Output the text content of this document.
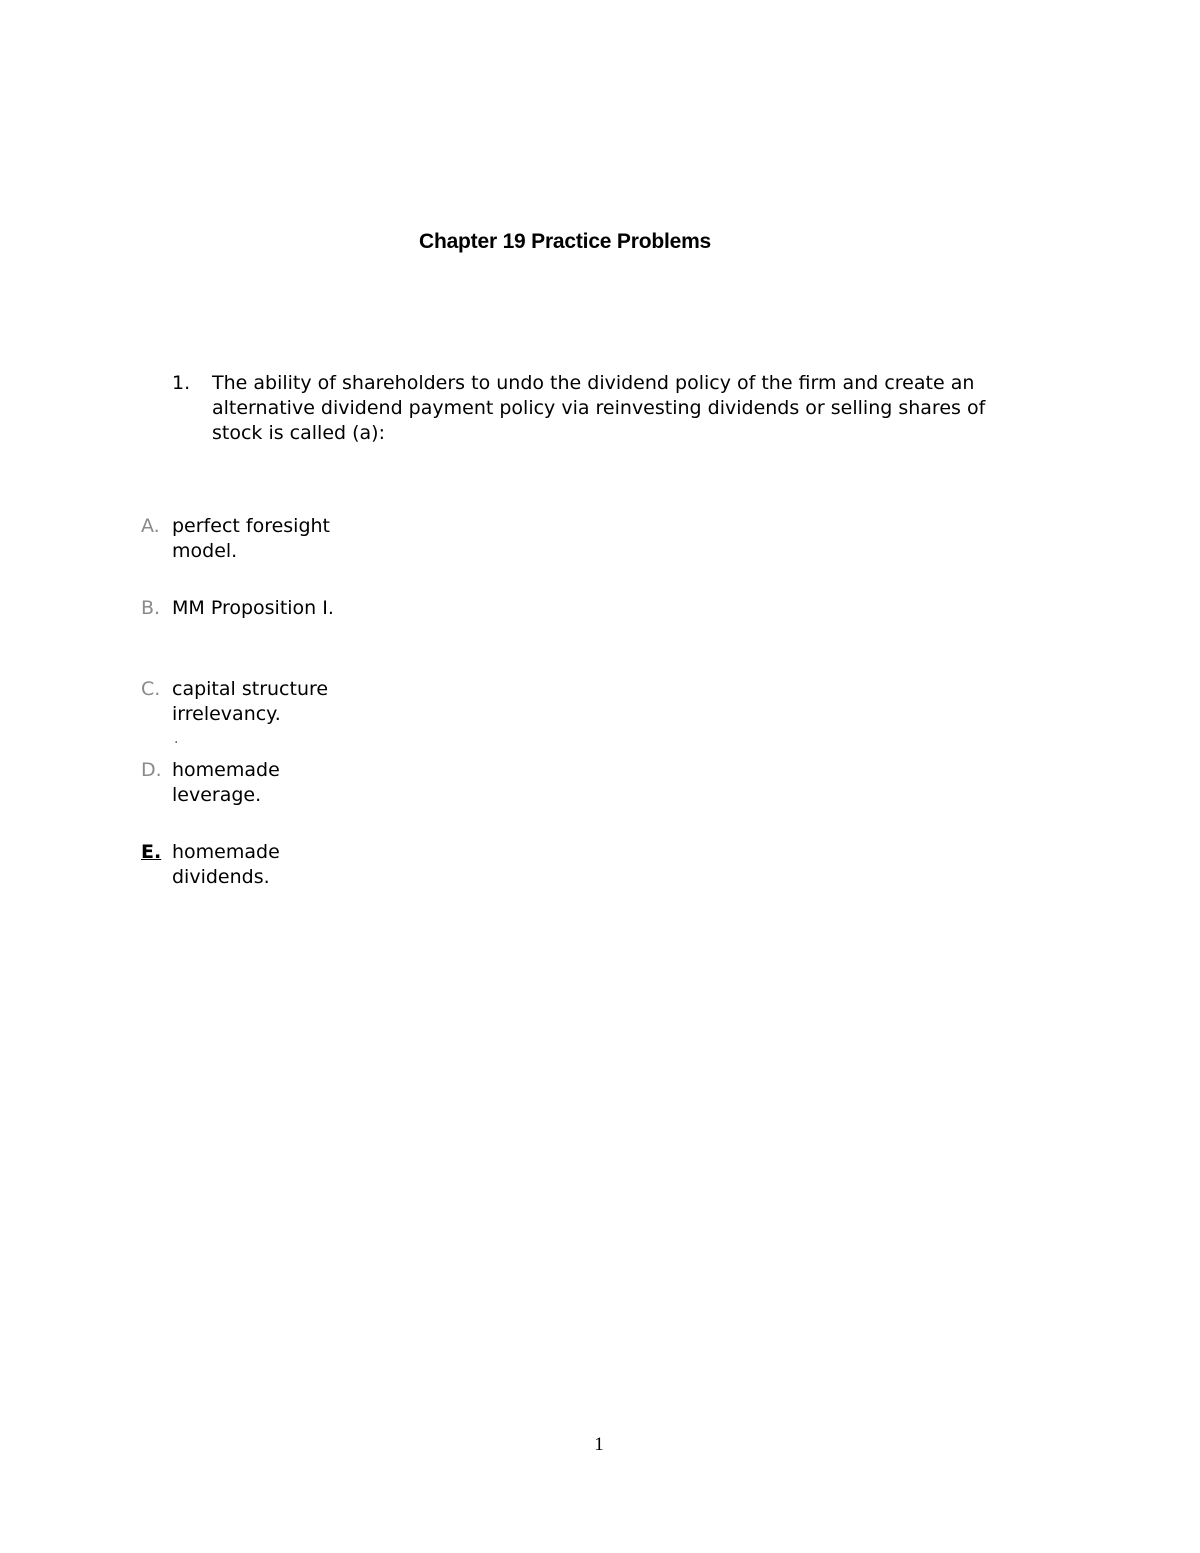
Chapter 19 Practice Problems
1.	The ability of shareholders to undo the dividend policy of the firm and create an alternative dividend payment policy via reinvesting dividends or selling shares of stock is called (a):
A. perfect foresight model.
B. MM Proposition I.
C. capital structure irrelevancy.
.
D. homemade leverage.
E. homemade dividends.
1
